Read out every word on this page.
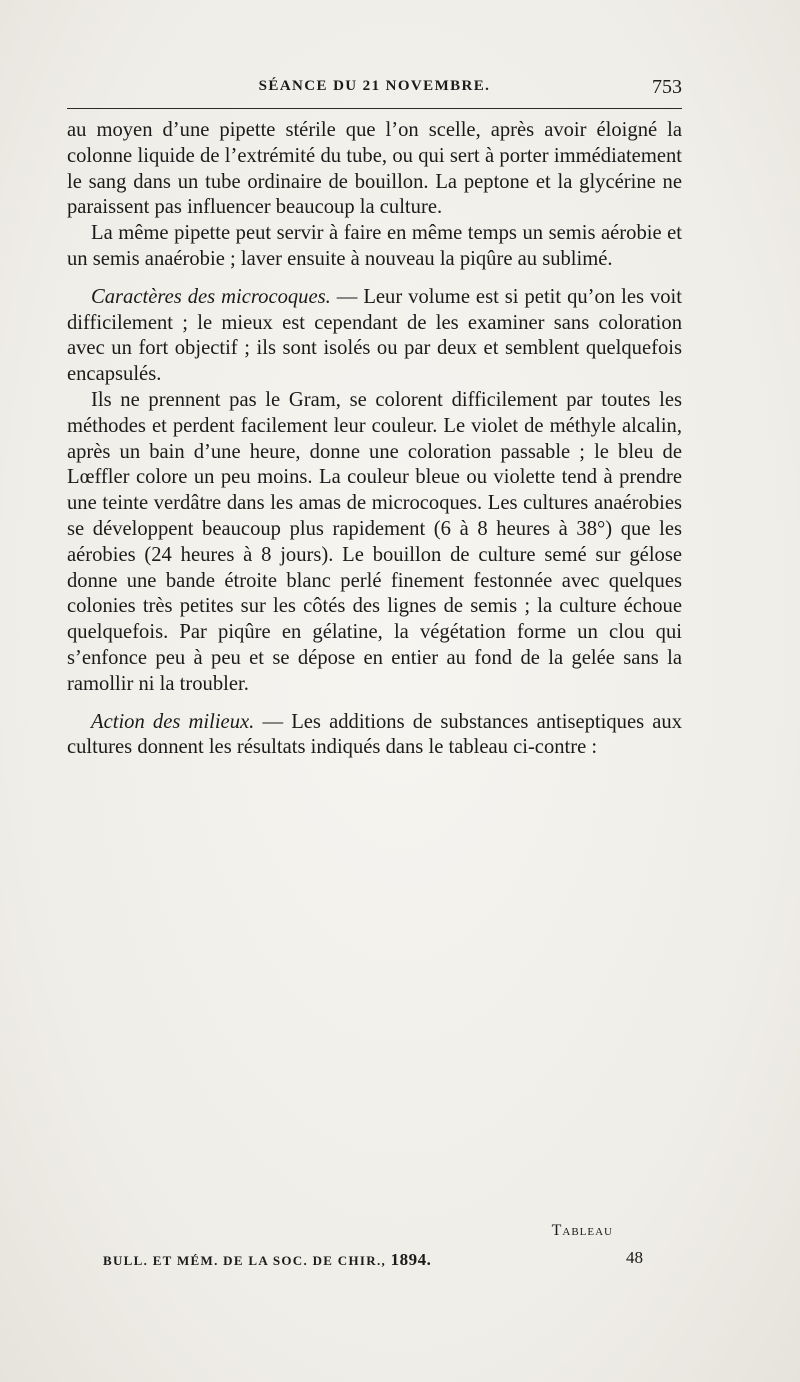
SÉANCE DU 21 NOVEMBRE.	753

au moyen d’une pipette stérile que l’on scelle, après avoir éloigné la colonne liquide de l’extrémité du tube, ou qui sert à porter immédiatement le sang dans un tube ordinaire de bouillon. La peptone et la glycérine ne paraissent pas influencer beaucoup la culture.

La même pipette peut servir à faire en même temps un semis aérobie et un semis anaérobie ; laver ensuite à nouveau la piqûre au sublimé.

Caractères des microcoques. — Leur volume est si petit qu’on les voit difficilement ; le mieux est cependant de les examiner sans coloration avec un fort objectif ; ils sont isolés ou par deux et semblent quelquefois encapsulés.

Ils ne prennent pas le Gram, se colorent difficilement par toutes les méthodes et perdent facilement leur couleur. Le violet de méthyle alcalin, après un bain d’une heure, donne une coloration passable ; le bleu de Lœffler colore un peu moins. La couleur bleue ou violette tend à prendre une teinte verdâtre dans les amas de microcoques. Les cultures anaérobies se développent beaucoup plus rapidement (6 à 8 heures à 38°) que les aérobies (24 heures à 8 jours). Le bouillon de culture semé sur gélose donne une bande étroite blanc perlé finement festonnée avec quelques colonies très petites sur les côtés des lignes de semis ; la culture échoue quelquefois. Par piqûre en gélatine, la végétation forme un clou qui s’enfonce peu à peu et se dépose en entier au fond de la gelée sans la ramollir ni la troubler.

Action des milieux. — Les additions de substances antiseptiques aux cultures donnent les résultats indiqués dans le tableau ci-contre :

Tableau
BULL. ET MÉM. DE LA SOC. DE CHIR., 1894.	48
